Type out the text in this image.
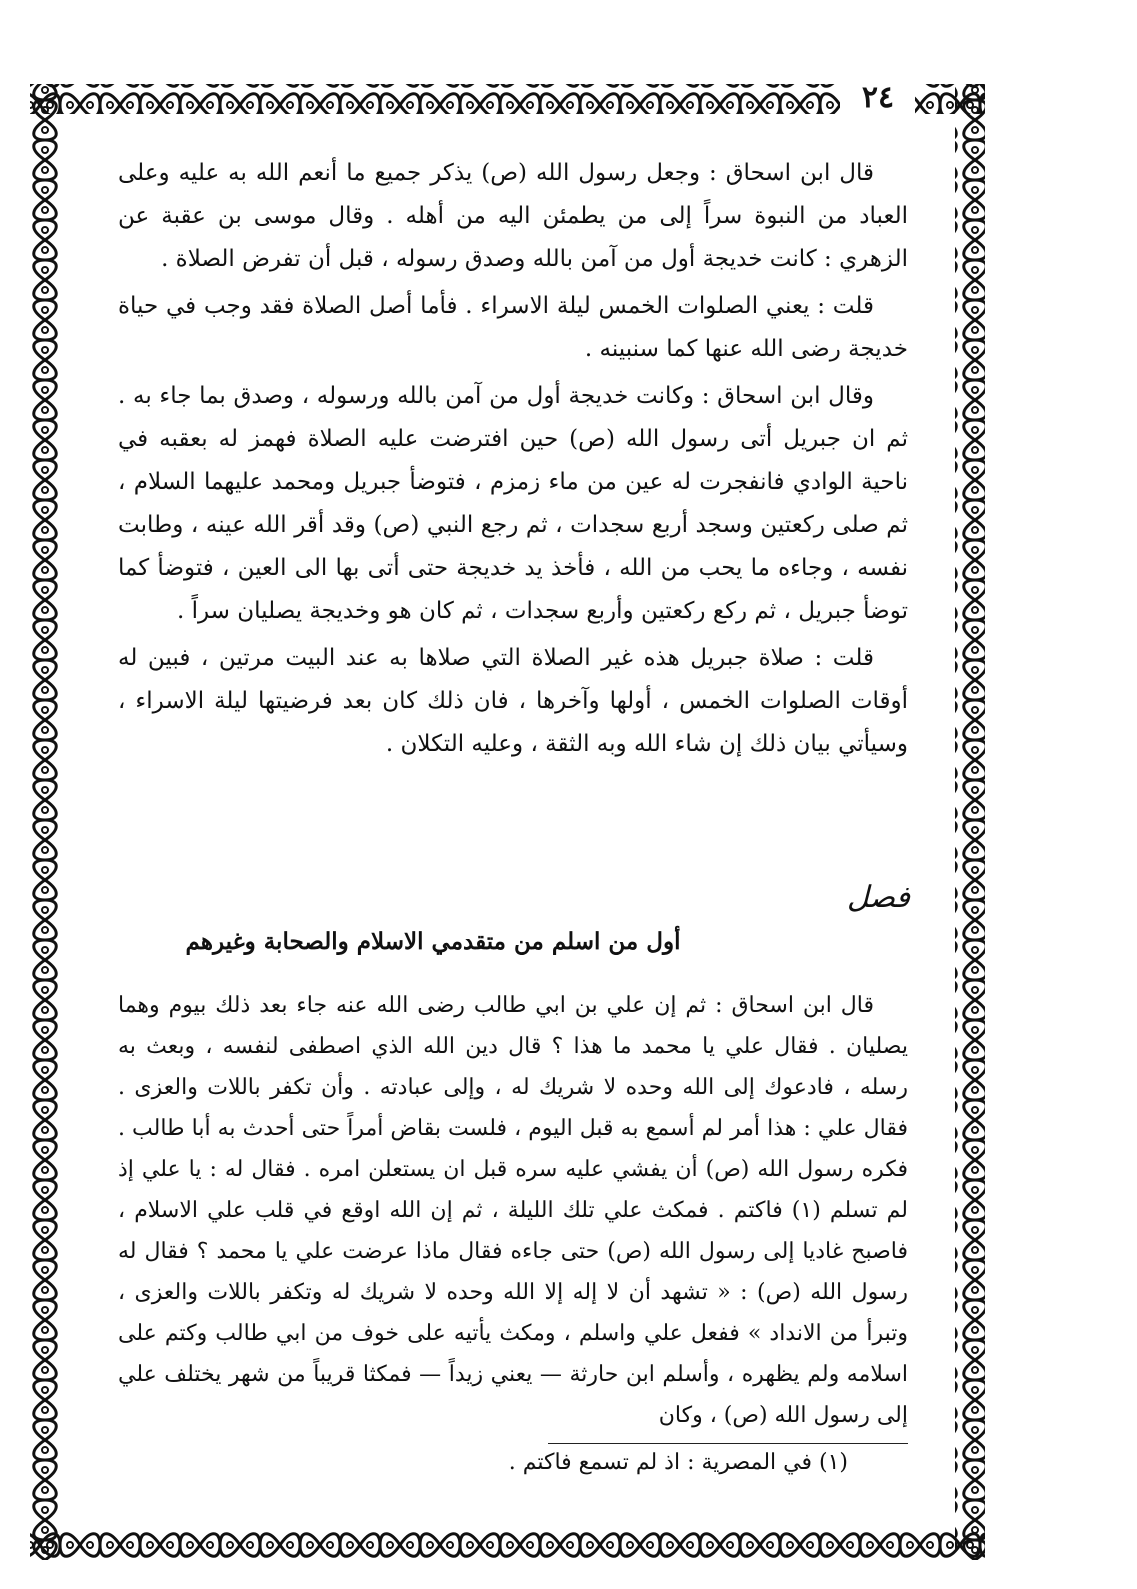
٢٤

قال ابن اسحاق : وجعل رسول الله (ص) يذكر جميع ما أنعم الله به عليه وعلى العباد من النبوة سراً إلى من يطمئن اليه من أهله . وقال موسى بن عقبة عن الزهري : كانت خديجة أول من آمن بالله وصدق رسوله ، قبل أن تفرض الصلاة .

قلت : يعني الصلوات الخمس ليلة الاسراء . فأما أصل الصلاة فقد وجب في حياة خديجة رضى الله عنها كما سنبينه .

وقال ابن اسحاق : وكانت خديجة أول من آمن بالله ورسوله ، وصدق بما جاء به . ثم ان جبريل أتى رسول الله (ص) حين افترضت عليه الصلاة فهمز له بعقبه في ناحية الوادي فانفجرت له عين من ماء زمزم ، فتوضأ جبريل ومحمد عليهما السلام ، ثم صلى ركعتين وسجد أربع سجدات ، ثم رجع النبي (ص) وقد أقر الله عينه ، وطابت نفسه ، وجاءه ما يحب من الله ، فأخذ يد خديجة حتى أتى بها الى العين ، فتوضأ كما توضأ جبريل ، ثم ركع ركعتين وأربع سجدات ، ثم كان هو وخديجة يصليان سراً .

قلت : صلاة جبريل هذه غير الصلاة التي صلاها به عند البيت مرتين ، فبين له أوقات الصلوات الخمس ، أولها وآخرها ، فان ذلك كان بعد فرضيتها ليلة الاسراء ، وسيأتي بيان ذلك إن شاء الله وبه الثقة ، وعليه التكلان .

فصل
أول من اسلم من متقدمي الاسلام والصحابة وغيرهم

قال ابن اسحاق : ثم إن علي بن ابي طالب رضى الله عنه جاء بعد ذلك بيوم وهما يصليان . فقال علي يا محمد ما هذا ؟ قال دين الله الذي اصطفى لنفسه ، وبعث به رسله ، فادعوك إلى الله وحده لا شريك له ، وإلى عبادته . وأن تكفر باللات والعزى . فقال علي : هذا أمر لم أسمع به قبل اليوم ، فلست بقاض أمراً حتى أحدث به أبا طالب . فكره رسول الله (ص) أن يفشي عليه سره قبل ان يستعلن امره . فقال له : يا علي إذ لم تسلم (١) فاكتم . فمكث علي تلك الليلة ، ثم إن الله اوقع في قلب علي الاسلام ، فاصبح غاديا إلى رسول الله (ص) حتى جاءه فقال ماذا عرضت علي يا محمد ؟ فقال له رسول الله (ص) : « تشهد أن لا إله إلا الله وحده لا شريك له وتكفر باللات والعزى ، وتبرأ من الانداد » ففعل علي واسلم ، ومكث يأتيه على خوف من ابي طالب وكتم على اسلامه ولم يظهره ، وأسلم ابن حارثة — يعني زيداً — فمكثا قريباً من شهر يختلف علي إلى رسول الله (ص) ، وكان

(١) في المصرية : اذ لم تسمع فاكتم .
